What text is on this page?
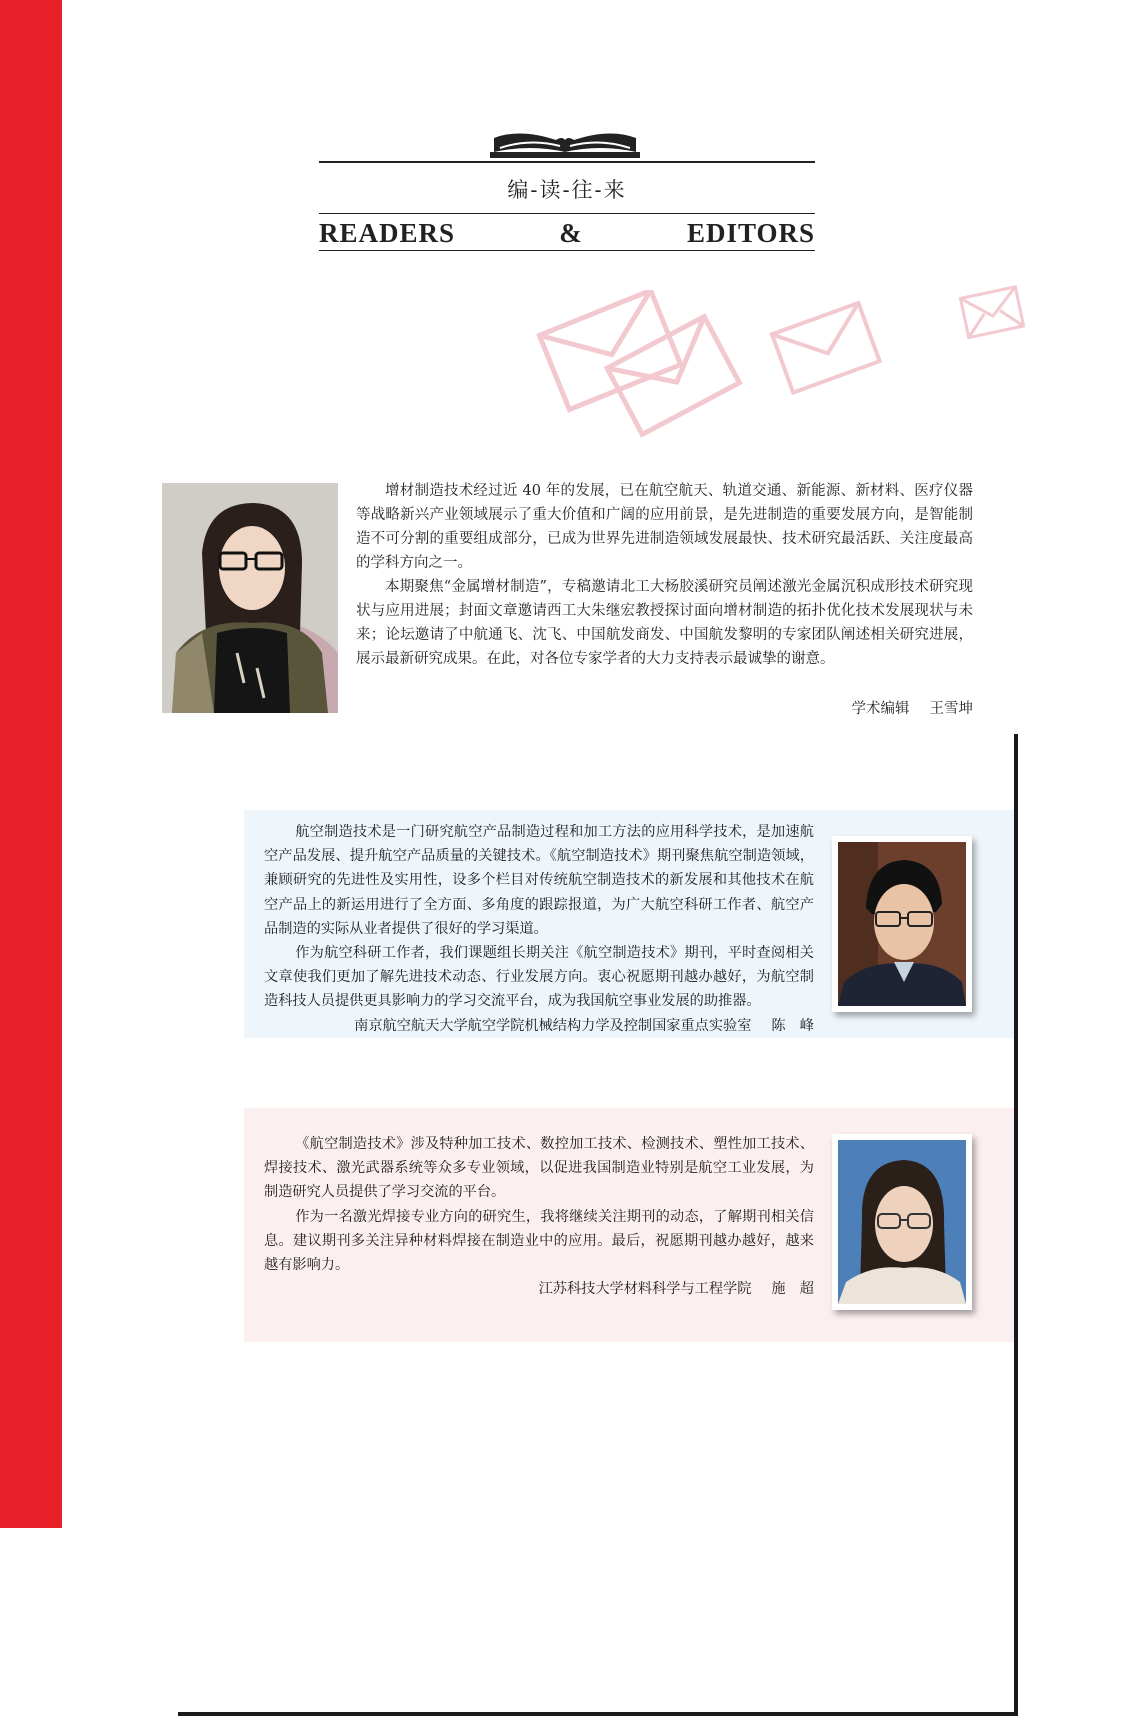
编-读-往-来
READERS	&	EDITORS

增材制造技术经过近 40 年的发展，已在航空航天、轨道交通、新能源、新材料、医疗仪器等战略新兴产业领域展示了重大价值和广阔的应用前景，是先进制造的重要发展方向，是智能制造不可分割的重要组成部分，已成为世界先进制造领域发展最快、技术研究最活跃、关注度最高的学科方向之一。

本期聚焦“金属增材制造”，专稿邀请北工大杨胶溪研究员阐述激光金属沉积成形技术研究现状与应用进展；封面文章邀请西工大朱继宏教授探讨面向增材制造的拓扑优化技术发展现状与未来；论坛邀请了中航通飞、沈飞、中国航发商发、中国航发黎明的专家团队阐述相关研究进展，展示最新研究成果。在此，对各位专家学者的大力支持表示最诚挚的谢意。

学术编辑 王雪坤

航空制造技术是一门研究航空产品制造过程和加工方法的应用科学技术，是加速航空产品发展、提升航空产品质量的关键技术。《航空制造技术》期刊聚焦航空制造领域，兼顾研究的先进性及实用性，设多个栏目对传统航空制造技术的新发展和其他技术在航空产品上的新运用进行了全方面、多角度的跟踪报道，为广大航空科研工作者、航空产品制造的实际从业者提供了很好的学习渠道。

作为航空科研工作者，我们课题组长期关注《航空制造技术》期刊，平时查阅相关文章使我们更加了解先进技术动态、行业发展方向。衷心祝愿期刊越办越好，为航空制造科技人员提供更具影响力的学习交流平台，成为我国航空事业发展的助推器。

南京航空航天大学航空学院机械结构力学及控制国家重点实验室 陈　峰

《航空制造技术》涉及特种加工技术、数控加工技术、检测技术、塑性加工技术、焊接技术、激光武器系统等众多专业领域，以促进我国制造业特别是航空工业发展，为制造研究人员提供了学习交流的平台。

作为一名激光焊接专业方向的研究生，我将继续关注期刊的动态，了解期刊相关信息。建议期刊多关注异种材料焊接在制造业中的应用。最后，祝愿期刊越办越好，越来越有影响力。

江苏科技大学材料科学与工程学院 施　超
